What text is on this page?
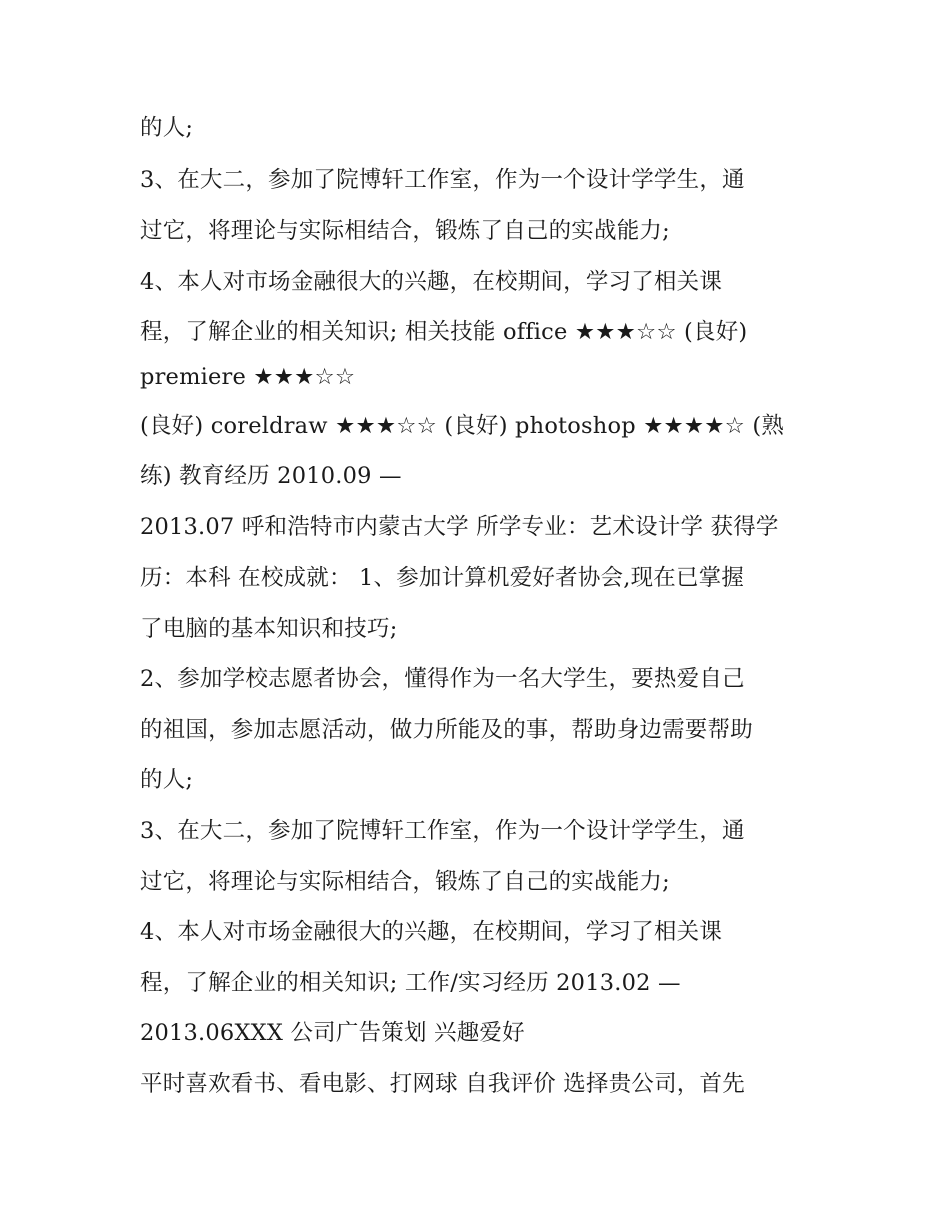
的人;
3、在大二，参加了院博轩工作室，作为一个设计学学生，通
过它，将理论与实际相结合，锻炼了自己的实战能力;
4、本人对市场金融很大的兴趣，在校期间，学习了相关课
程，了解企业的相关知识; 相关技能 office ★★★☆☆ (良好)
premiere ★★★☆☆
(良好) coreldraw ★★★☆☆ (良好) photoshop ★★★★☆ (熟
练) 教育经历 2010.09 —
2013.07 呼和浩特市内蒙古大学 所学专业：艺术设计学 获得学
历：本科 在校成就： 1、参加计算机爱好者协会,现在已掌握
了电脑的基本知识和技巧;
2、参加学校志愿者协会，懂得作为一名大学生，要热爱自己
的祖国，参加志愿活动，做力所能及的事，帮助身边需要帮助
的人;
3、在大二，参加了院博轩工作室，作为一个设计学学生，通
过它，将理论与实际相结合，锻炼了自己的实战能力;
4、本人对市场金融很大的兴趣，在校期间，学习了相关课
程，了解企业的相关知识; 工作/实习经历 2013.02 —
2013.06XXX 公司广告策划 兴趣爱好
平时喜欢看书、看电影、打网球 自我评价 选择贵公司，首先
